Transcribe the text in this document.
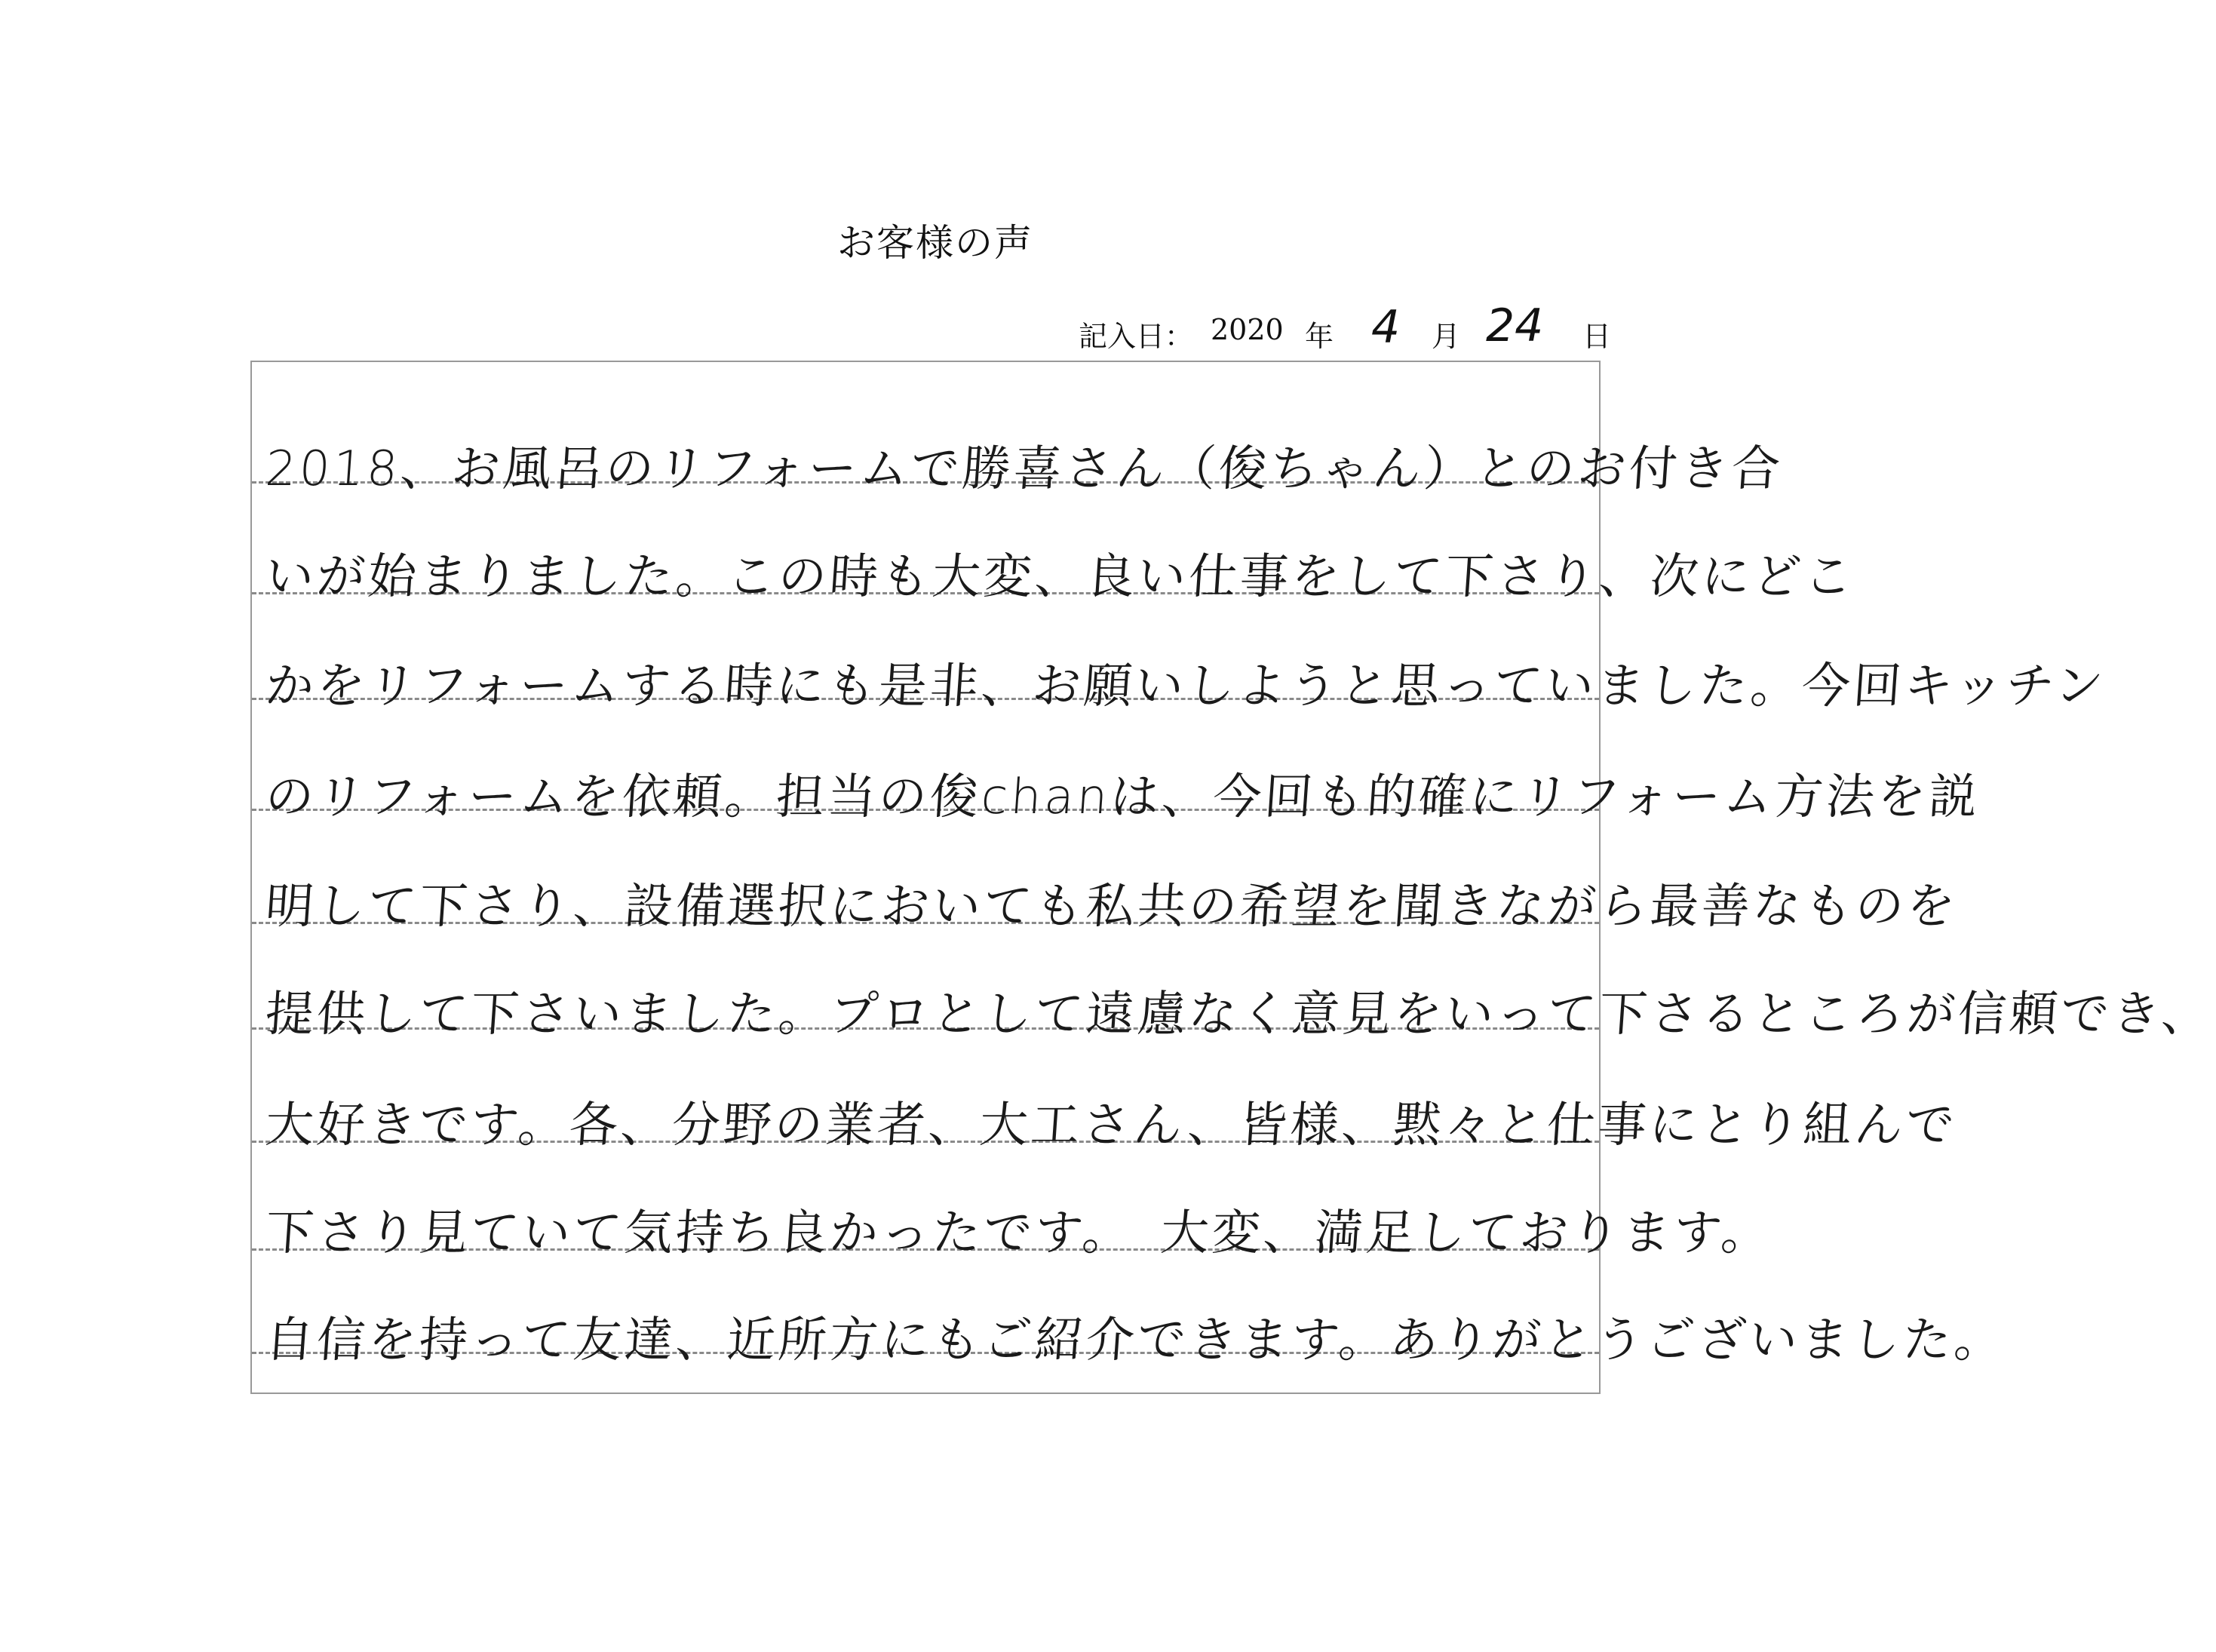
お客様の声
記入日： 2020 年 4 月 24 日
2018、お風呂のリフォームで勝喜さん（俊ちゃん）とのお付き合
いが始まりました。この時も大変、良い仕事をして下さり、次にどこ
かをリフォームする時にも是非、お願いしようと思っていました。今回キッチン
のリフォームを依頼。担当の俊chanは、今回も的確にリフォーム方法を説
明して下さり、設備選択においても私共の希望を聞きながら最善なものを
提供して下さいました。プロとして遠慮なく意見をいって下さるところが信頼でき、
大好きです。各、分野の業者、大工さん、皆様、黙々と仕事にとり組んで
下さり見ていて気持ち良かったです。　大変、満足しております。
自信を持って友達、近所方にもご紹介できます。ありがとうございました。
